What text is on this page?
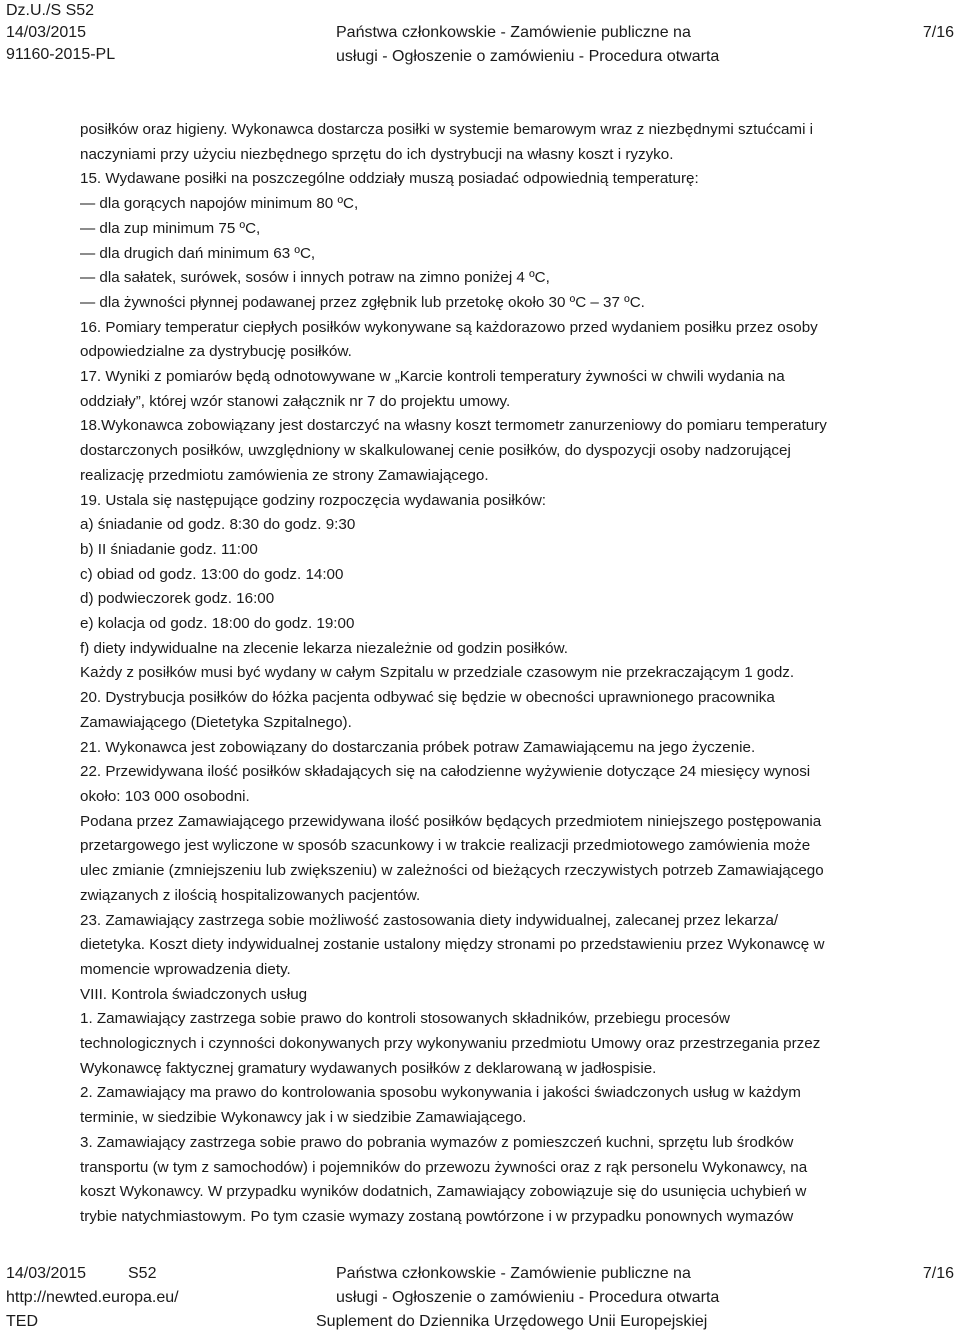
Dz.U./S S52
14/03/2015
91160-2015-PL
Państwa członkowskie - Zamówienie publiczne na
usługi - Ogłoszenie o zamówieniu - Procedura otwarta
7/16

posiłków oraz higieny. Wykonawca dostarcza posiłki w systemie bemarowym wraz z niezbędnymi sztućcami i

naczyniami przy użyciu niezbędnego sprzętu do ich dystrybucji na własny koszt i ryzyko.

15. Wydawane posiłki na poszczególne oddziały muszą posiadać odpowiednią temperaturę:

— dla gorących napojów minimum 80 ºC,

— dla zup minimum 75 ºC,

— dla drugich dań minimum 63 ºC,

— dla sałatek, surówek, sosów i innych potraw na zimno poniżej 4 ºC,

— dla żywności płynnej podawanej przez zgłębnik lub przetokę około 30 ºC – 37 ºC.

16. Pomiary temperatur ciepłych posiłków wykonywane są każdorazowo przed wydaniem posiłku przez osoby

odpowiedzialne za dystrybucję posiłków.

17. Wyniki z pomiarów będą odnotowywane w „Karcie kontroli temperatury żywności w chwili wydania na

oddziały”, której wzór stanowi załącznik nr 7 do projektu umowy.

18.Wykonawca zobowiązany jest dostarczyć na własny koszt termometr zanurzeniowy do pomiaru temperatury

dostarczonych posiłków, uwzględniony w skalkulowanej cenie posiłków, do dyspozycji osoby nadzorującej

realizację przedmiotu zamówienia ze strony Zamawiającego.

19. Ustala się następujące godziny rozpoczęcia wydawania posiłków:

a) śniadanie od godz. 8:30 do godz. 9:30

b) II śniadanie godz. 11:00

c) obiad od godz. 13:00 do godz. 14:00

d) podwieczorek godz. 16:00

e) kolacja od godz. 18:00 do godz. 19:00

f) diety indywidualne na zlecenie lekarza niezależnie od godzin posiłków.

Każdy z posiłków musi być wydany w całym Szpitalu w przedziale czasowym nie przekraczającym 1 godz.

20. Dystrybucja posiłków do łóżka pacjenta odbywać się będzie w obecności uprawnionego pracownika

Zamawiającego (Dietetyka Szpitalnego).

21. Wykonawca jest zobowiązany do dostarczania próbek potraw Zamawiającemu na jego życzenie.

22. Przewidywana ilość posiłków składających się na całodzienne wyżywienie dotyczące 24 miesięcy wynosi

około: 103 000 osobodni.

Podana przez Zamawiającego przewidywana ilość posiłków będących przedmiotem niniejszego postępowania

przetargowego jest wyliczone w sposób szacunkowy i w trakcie realizacji przedmiotowego zamówienia może

ulec zmianie (zmniejszeniu lub zwiększeniu) w zależności od bieżących rzeczywistych potrzeb Zamawiającego

związanych z ilością hospitalizowanych pacjentów.

23. Zamawiający zastrzega sobie możliwość zastosowania diety indywidualnej, zalecanej przez lekarza/

dietetyka. Koszt diety indywidualnej zostanie ustalony między stronami po przedstawieniu przez Wykonawcę w

momencie wprowadzenia diety.

VIII. Kontrola świadczonych usług

1. Zamawiający zastrzega sobie prawo do kontroli stosowanych składników, przebiegu procesów

technologicznych i czynności dokonywanych przy wykonywaniu przedmiotu Umowy oraz przestrzegania przez

Wykonawcę faktycznej gramatury wydawanych posiłków z deklarowaną w jadłospisie.

2. Zamawiający ma prawo do kontrolowania sposobu wykonywania i jakości świadczonych usług w każdym

terminie, w siedzibie Wykonawcy jak i w siedzibie Zamawiającego.

3. Zamawiający zastrzega sobie prawo do pobrania wymazów z pomieszczeń kuchni, sprzętu lub środków

transportu (w tym z samochodów) i pojemników do przewozu żywności oraz z rąk personelu Wykonawcy, na

koszt Wykonawcy. W przypadku wyników dodatnich, Zamawiający zobowiązuje się do usunięcia uchybień w

trybie natychmiastowym. Po tym czasie wymazy zostaną powtórzone i w przypadku ponownych wymazów

14/03/2015	S52
http://newted.europa.eu/
TED
Państwa członkowskie - Zamówienie publiczne na
usługi - Ogłoszenie o zamówieniu - Procedura otwarta
Suplement do Dziennika Urzędowego Unii Europejskiej
7/16
